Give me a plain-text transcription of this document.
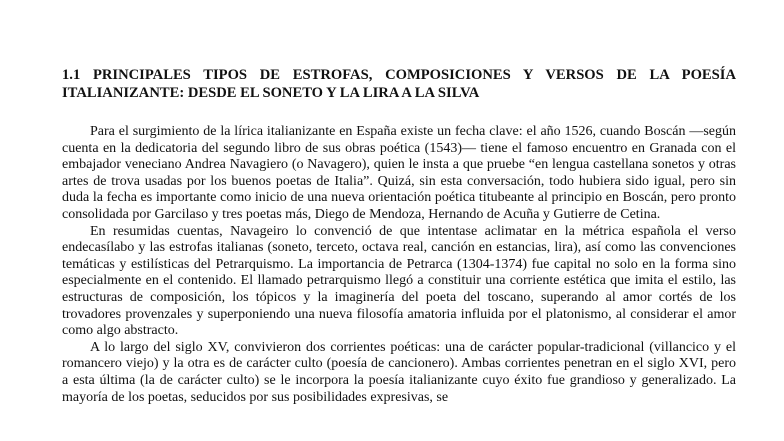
1.1 PRINCIPALES TIPOS DE ESTROFAS, COMPOSICIONES Y VERSOS DE LA POESÍA ITALIANIZANTE: DESDE EL SONETO Y LA LIRA A LA SILVA

Para el surgimiento de la lírica italianizante en España existe un fecha clave: el año 1526, cuando Boscán —según cuenta en la dedicatoria del segundo libro de sus obras poética (1543)— tiene el famoso encuentro en Granada con el embajador veneciano Andrea Navagiero (o Navagero), quien le insta a que pruebe “en lengua castellana sonetos y otras artes de trova usadas por los buenos poetas de Italia”. Quizá, sin esta conversación, todo hubiera sido igual, pero sin duda la fecha es importante como inicio de una nueva orientación poética titubeante al principio en Boscán, pero pronto consolidada por Garcilaso y tres poetas más, Diego de Mendoza, Hernando de Acuña y Gutierre de Cetina.

En resumidas cuentas, Navageiro lo convenció de que intentase aclimatar en la métrica española el verso endecasílabo y las estrofas italianas (soneto, terceto, octava real, canción en estancias, lira), así como las convenciones temáticas y estilísticas del Petrarquismo. La importancia de Petrarca (1304-1374) fue capital no solo en la forma sino especialmente en el contenido. El llamado petrarquismo llegó a constituir una corriente estética que imita el estilo, las estructuras de composición, los tópicos y la imaginería del poeta del toscano, superando al amor cortés de los trovadores provenzales y superponiendo una nueva filosofía amatoria influida por el platonismo, al considerar el amor como algo abstracto.

A lo largo del siglo XV, convivieron dos corrientes poéticas: una de carácter popular-tradicional (villancico y el romancero viejo) y la otra es de carácter culto (poesía de cancionero). Ambas corrientes penetran en el siglo XVI, pero a esta última (la de carácter culto) se le incorpora la poesía italianizante cuyo éxito fue grandioso y generalizado. La mayoría de los poetas, seducidos por sus posibilidades expresivas, se
